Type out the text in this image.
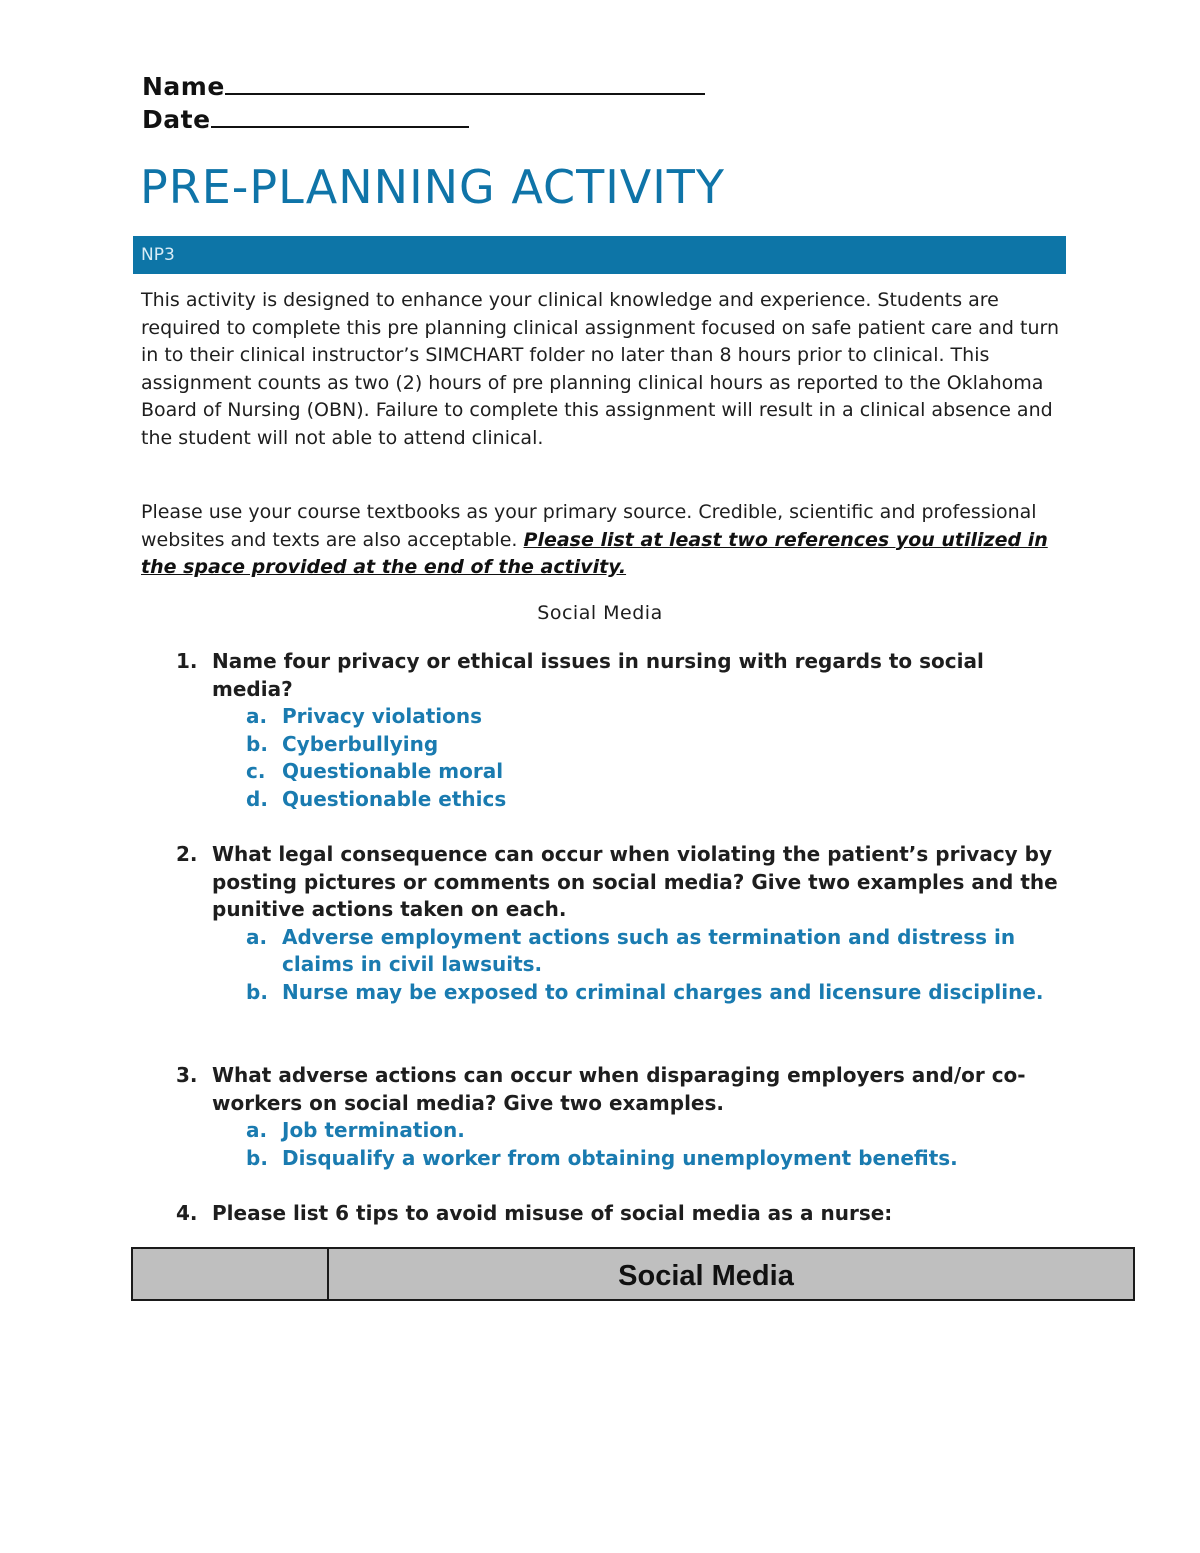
Name
Date
PRE-PLANNING ACTIVITY
NP3
This activity is designed to enhance your clinical knowledge and experience. Students are required to complete this pre planning clinical assignment focused on safe patient care and turn in to their clinical instructor’s SIMCHART folder no later than 8 hours prior to clinical. This assignment counts as two (2) hours of pre planning clinical hours as reported to the Oklahoma Board of Nursing (OBN). Failure to complete this assignment will result in a clinical absence and the student will not able to attend clinical.
Please use your course textbooks as your primary source. Credible, scientific and professional websites and texts are also acceptable. Please list at least two references you utilized in the space provided at the end of the activity.
Social Media
1. Name four privacy or ethical issues in nursing with regards to social media?
a. Privacy violations
b. Cyberbullying
c. Questionable moral
d. Questionable ethics
2. What legal consequence can occur when violating the patient’s privacy by posting pictures or comments on social media? Give two examples and the punitive actions taken on each.
a. Adverse employment actions such as termination and distress in claims in civil lawsuits.
b. Nurse may be exposed to criminal charges and licensure discipline.
3. What adverse actions can occur when disparaging employers and/or co-workers on social media? Give two examples.
a. Job termination.
b. Disqualify a worker from obtaining unemployment benefits.
4. Please list 6 tips to avoid misuse of social media as a nurse:
Social Media
